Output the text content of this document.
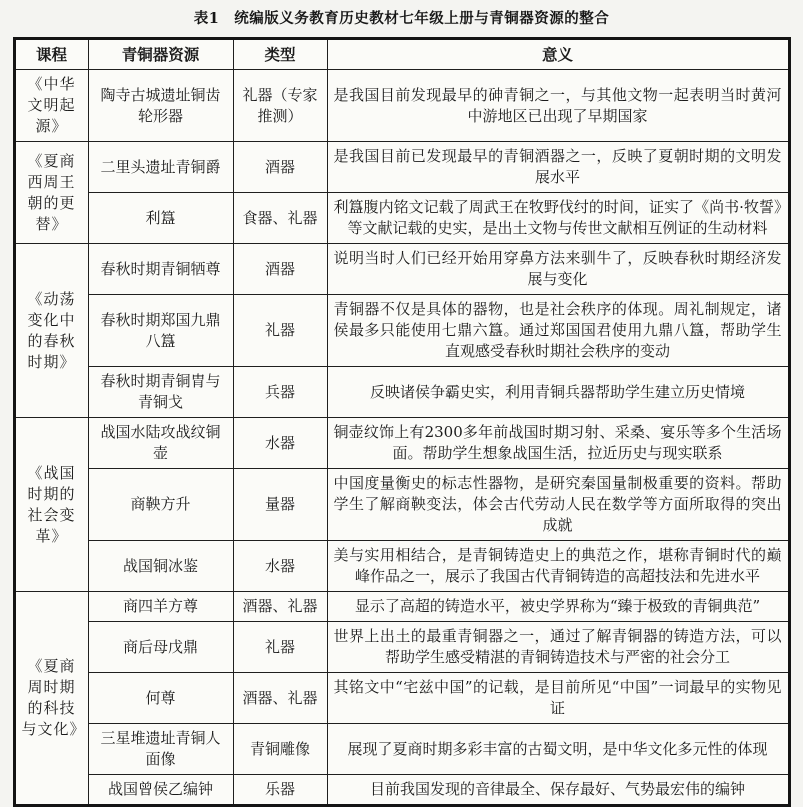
表1　统编版义务教育历史教材七年级上册与青铜器资源的整合
课程	青铜器资源	类型	意义
《中华文明起源》	陶寺古城遗址铜齿轮形器	礼器（专家推测）	是我国目前发现最早的砷青铜之一，与其他文物一起表明当时黄河中游地区已出现了早期国家
《夏商西周王朝的更替》	二里头遗址青铜爵	酒器	是我国目前已发现最早的青铜酒器之一，反映了夏朝时期的文明发展水平
	利簋	食器、礼器	利簋腹内铭文记载了周武王在牧野伐纣的时间，证实了《尚书·牧誓》等文献记载的史实，是出土文物与传世文献相互例证的生动材料
《动荡变化中的春秋时期》	春秋时期青铜牺尊	酒器	说明当时人们已经开始用穿鼻方法来驯牛了，反映春秋时期经济发展与变化
	春秋时期郑国九鼎八簋	礼器	青铜器不仅是具体的器物，也是社会秩序的体现。周礼制规定，诸侯最多只能使用七鼎六簋。通过郑国国君使用九鼎八簋，帮助学生直观感受春秋时期社会秩序的变动
	春秋时期青铜胄与青铜戈	兵器	反映诸侯争霸史实，利用青铜兵器帮助学生建立历史情境
《战国时期的社会变革》	战国水陆攻战纹铜壶	水器	铜壶纹饰上有2300多年前战国时期习射、采桑、宴乐等多个生活场面。帮助学生想象战国生活，拉近历史与现实联系
	商鞅方升	量器	中国度量衡史的标志性器物，是研究秦国量制极重要的资料。帮助学生了解商鞅变法，体会古代劳动人民在数学等方面所取得的突出成就
	战国铜冰鉴	水器	美与实用相结合，是青铜铸造史上的典范之作，堪称青铜时代的巅峰作品之一，展示了我国古代青铜铸造的高超技法和先进水平
《夏商周时期的科技与文化》	商四羊方尊	酒器、礼器	显示了高超的铸造水平，被史学界称为“臻于极致的青铜典范”
	商后母戊鼎	礼器	世界上出土的最重青铜器之一，通过了解青铜器的铸造方法，可以帮助学生感受精湛的青铜铸造技术与严密的社会分工
	何尊	酒器、礼器	其铭文中“宅兹中国”的记载，是目前所见“中国”一词最早的实物见证
	三星堆遗址青铜人面像	青铜雕像	展现了夏商时期多彩丰富的古蜀文明，是中华文化多元性的体现
	战国曾侯乙编钟	乐器	目前我国发现的音律最全、保存最好、气势最宏伟的编钟
